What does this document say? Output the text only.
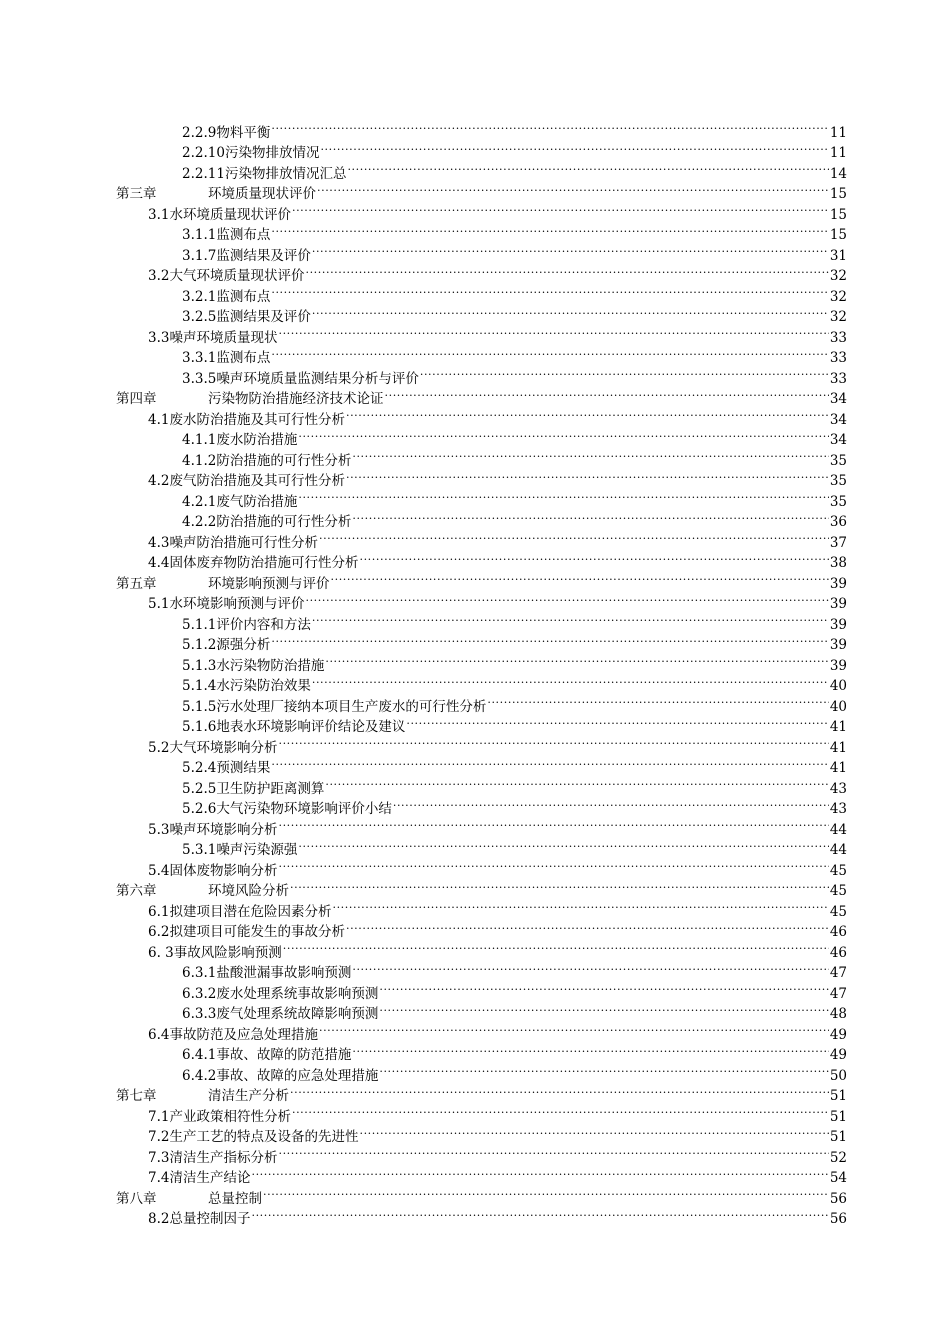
2.2.9 物料平衡 .....	11
2.2.10 污染物排放情况 .....	11
2.2.11 污染物排放情况汇总 .....	14
第三章	环境质量现状评价 .....	15
3.1 水环境质量现状评价 .....	15
3.1.1 监测布点 .....	15
3.1.7 监测结果及评价 .....	31
3.2 大气环境质量现状评价 .....	32
3.2.1 监测布点 .....	32
3.2.5 监测结果及评价 .....	32
3.3 噪声环境质量现状 .....	33
3.3.1 监测布点 .....	33
3.3.5 噪声环境质量监测结果分析与评价 .....	33
第四章	污染物防治措施经济技术论证 .....	34
4.1 废水防治措施及其可行性分析 .....	34
4.1.1 废水防治措施 .....	34
4.1.2 防治措施的可行性分析 .....	35
4.2 废气防治措施及其可行性分析 .....	35
4.2.1 废气防治措施 .....	35
4.2.2 防治措施的可行性分析 .....	36
4.3 噪声防治措施可行性分析 .....	37
4.4 固体废弃物防治措施可行性分析 .....	38
第五章	环境影响预测与评价 .....	39
5.1 水环境影响预测与评价 .....	39
5.1.1 评价内容和方法 .....	39
5.1.2 源强分析 .....	39
5.1.3 水污染物防治措施 .....	39
5.1.4 水污染防治效果 .....	40
5.1.5 污水处理厂接纳本项目生产废水的可行性分析 .....	40
5.1.6 地表水环境影响评价结论及建议 .....	41
5.2 大气环境影响分析 .....	41
5.2.4 预测结果 .....	41
5.2.5 卫生防护距离测算 .....	43
5.2.6 大气污染物环境影响评价小结 .....	43
5.3 噪声环境影响分析 .....	44
5.3.1 噪声污染源强 .....	44
5.4 固体废物影响分析 .....	45
第六章	环境风险分析 .....	45
6.1 拟建项目潜在危险因素分析 .....	45
6.2 拟建项目可能发生的事故分析 .....	46
6. 3 事故风险影响预测 .....	46
6.3.1 盐酸泄漏事故影响预测 .....	47
6.3.2 废水处理系统事故影响预测 .....	47
6.3.3 废气处理系统故障影响预测 .....	48
6.4 事故防范及应急处理措施 .....	49
6.4.1 事故、故障的防范措施 .....	49
6.4.2 事故、故障的应急处理措施 .....	50
第七章	清洁生产分析 .....	51
7.1 产业政策相符性分析 .....	51
7.2 生产工艺的特点及设备的先进性 .....	51
7.3 清洁生产指标分析 .....	52
7.4 清洁生产结论 .....	54
第八章	总量控制 .....	56
8.2 总量控制因子 .....	56
